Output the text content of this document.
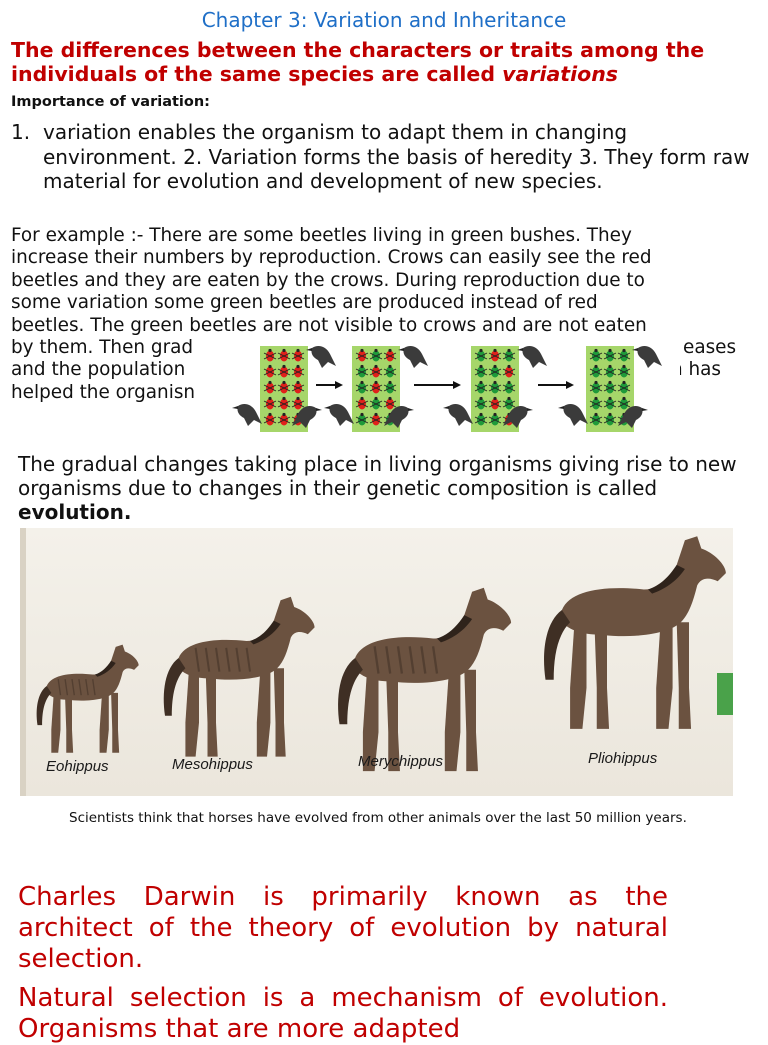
Chapter 3: Variation and Inheritance
The differences between the characters or traits among the individuals of the same species are called variations
Importance of variation:
1. variation enables the organism to adapt them in changing environment. 2. Variation forms the basis of heredity 3. They form raw material for evolution and development of new species.
For example :- There are some beetles living in green bushes. They
increase their numbers by reproduction. Crows can easily see the red
beetles and they are eaten by the crows. During reproduction due to
some variation some green beetles are produced instead of red
beetles. The green beetles are not visible to crows and are not eaten
by them. Then grad	eases
and the population	n has
helped the organisn
The gradual changes taking place in living organisms giving rise to new organisms due to changes in their genetic composition is called evolution.
Eohippus	Mesohippus	Merychippus	Pliohippus
Scientists think that horses have evolved from other animals over the last 50 million years.
Charles Darwin is primarily known as the architect of the theory of evolution by natural selection.
Natural selection is a mechanism of evolution. Organisms that are more adapted
